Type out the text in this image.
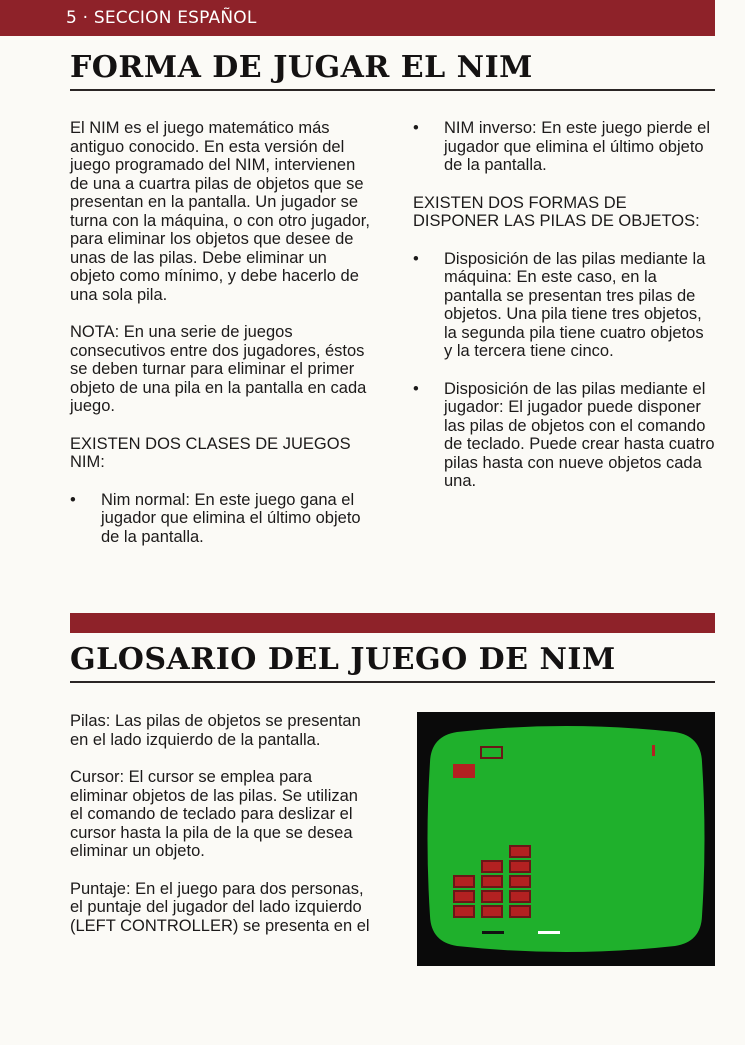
5 · SECCION ESPAÑOL
FORMA DE JUGAR EL NIM

El NIM es el juego matemático más antiguo conocido. En esta versión del juego programado del NIM, intervienen de una a cuartra pilas de objetos que se presentan en la pantalla. Un jugador se turna con la máquina, o con otro jugador, para eliminar los objetos que desee de unas de las pilas. Debe eliminar un objeto como mínimo, y debe hacerlo de una sola pila.

NOTA: En una serie de juegos consecutivos entre dos jugadores, éstos se deben turnar para eliminar el primer objeto de una pila en la pantalla en cada juego.

EXISTEN DOS CLASES DE JUEGOS NIM:

• Nim normal: En este juego gana el jugador que elimina el último objeto de la pantalla.
• NIM inverso: En este juego pierde el jugador que elimina el último objeto de la pantalla.

EXISTEN DOS FORMAS DE DISPONER LAS PILAS DE OBJETOS:

• Disposición de las pilas mediante la máquina: En este caso, en la pantalla se presentan tres pilas de objetos. Una pila tiene tres objetos, la segunda pila tiene cuatro objetos y la tercera tiene cinco.
• Disposición de las pilas mediante el jugador: El jugador puede disponer las pilas de objetos con el comando de teclado. Puede crear hasta cuatro pilas hasta con nueve objetos cada una.
GLOSARIO DEL JUEGO DE NIM

Pilas: Las pilas de objetos se presentan en el lado izquierdo de la pantalla.

Cursor: El cursor se emplea para eliminar objetos de las pilas. Se utilizan el comando de teclado para deslizar el cursor hasta la pila de la que se desea eliminar un objeto.

Puntaje: En el juego para dos personas, el puntaje del jugador del lado izquierdo (LEFT CONTROLLER) se presenta en el
